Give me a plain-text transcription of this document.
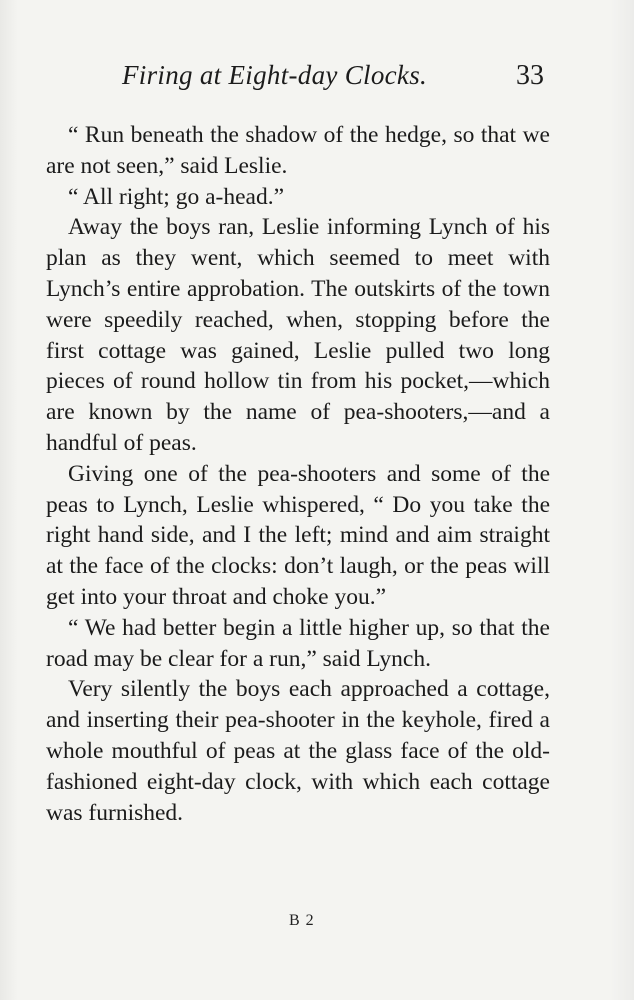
Firing at Eight-day Clocks.	33

“ Run beneath the shadow of the hedge, so that we are not seen,” said Leslie.

“ All right; go a-head.”

Away the boys ran, Leslie informing Lynch of his plan as they went, which seemed to meet with Lynch’s entire approbation. The outskirts of the town were speedily reached, when, stopping before the first cottage was gained, Leslie pulled two long pieces of round hollow tin from his pocket,—which are known by the name of pea-shooters,—and a handful of peas.

Giving one of the pea-shooters and some of the peas to Lynch, Leslie whispered, “ Do you take the right hand side, and I the left; mind and aim straight at the face of the clocks: don’t laugh, or the peas will get into your throat and choke you.”

“ We had better begin a little higher up, so that the road may be clear for a run,” said Lynch.

Very silently the boys each approached a cottage, and inserting their pea-shooter in the keyhole, fired a whole mouthful of peas at the glass face of the old-fashioned eight-day clock, with which each cottage was furnished.

B 2
